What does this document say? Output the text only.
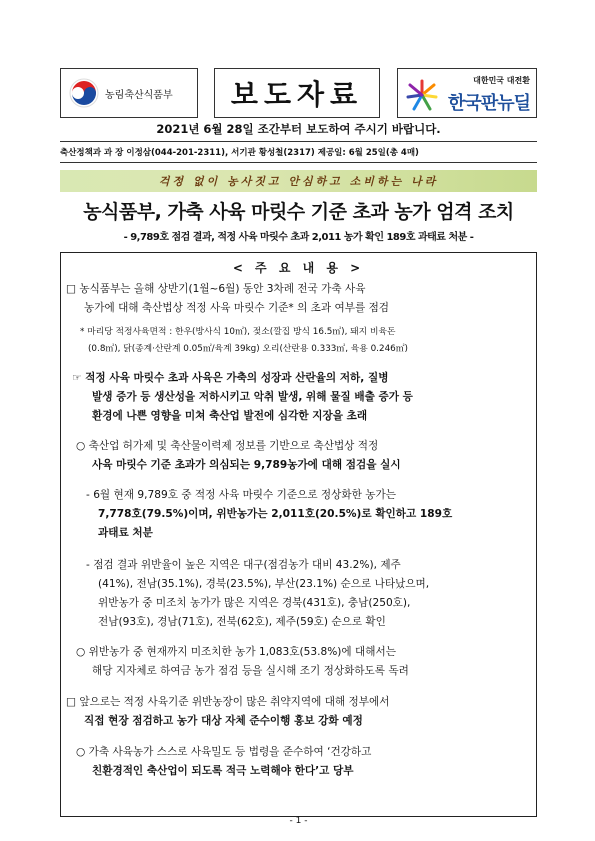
농림축산식품부 보도자료	대한민국 대전환
한국판뉴딜
2021년 6월 28일 조간부터 보도하여 주시기 바랍니다.
축산정책과 과 장 이정삼(044-201-2311), 서기관 황성철(2317) 제공일: 6월 25일(총 4매)
걱정 없이 농사짓고 안심하고 소비하는 나라
농식품부, 가축 사육 마릿수 기준 초과 농가 엄격 조치
- 9,789호 점검 결과, 적정 사육 마릿수 초과 2,011 농가 확인 189호 과태료 처분 -
< 주 요 내 용 >
□ 농식품부는 올해 상반기(1월~6월) 동안 3차례 전국 가축 사육
농가에 대해 축산법상 적정 사육 마릿수 기준* 의 초과 여부를 점검
* 마리당 적정사육면적 : 한우(방사식 10㎡), 젖소(깔집 방식 16.5㎡), 돼지 비육돈
(0.8㎡), 닭(종계·산란계 0.05㎡/육계 39kg) 오리(산란용 0.333㎡, 육용 0.246㎡)
☞ 적정 사육 마릿수 초과 사육은 가축의 성장과 산란율의 저하, 질병
발생 증가 등 생산성을 저하시키고 악취 발생, 위해 물질 배출 증가 등
환경에 나쁜 영향을 미쳐 축산업 발전에 심각한 지장을 초래
○ 축산업 허가제 및 축산물이력제 정보를 기반으로 축산법상 적정
사육 마릿수 기준 초과가 의심되는 9,789농가에 대해 점검을 실시
- 6월 현재 9,789호 중 적정 사육 마릿수 기준으로 정상화한 농가는
7,778호(79.5%)이며, 위반농가는 2,011호(20.5%)로 확인하고 189호
과태료 처분
- 점검 결과 위반율이 높은 지역은 대구(점검농가 대비 43.2%), 제주
(41%), 전남(35.1%), 경북(23.5%), 부산(23.1%) 순으로 나타났으며,
위반농가 중 미조치 농가가 많은 지역은 경북(431호), 충남(250호),
전남(93호), 경남(71호), 전북(62호), 제주(59호) 순으로 확인
○ 위반농가 중 현재까지 미조치한 농가 1,083호(53.8%)에 대해서는
해당 지자체로 하여금 농가 점검 등을 실시해 조기 정상화하도록 독려
□ 앞으로는 적정 사육기준 위반농장이 많은 취약지역에 대해 정부에서
직접 현장 점검하고 농가 대상 자체 준수이행 홍보 강화 예정
○ 가축 사육농가 스스로 사육밀도 등 법령을 준수하여 ‘건강하고
친환경적인 축산업이 되도록 적극 노력해야 한다’고 당부
- 1 -
